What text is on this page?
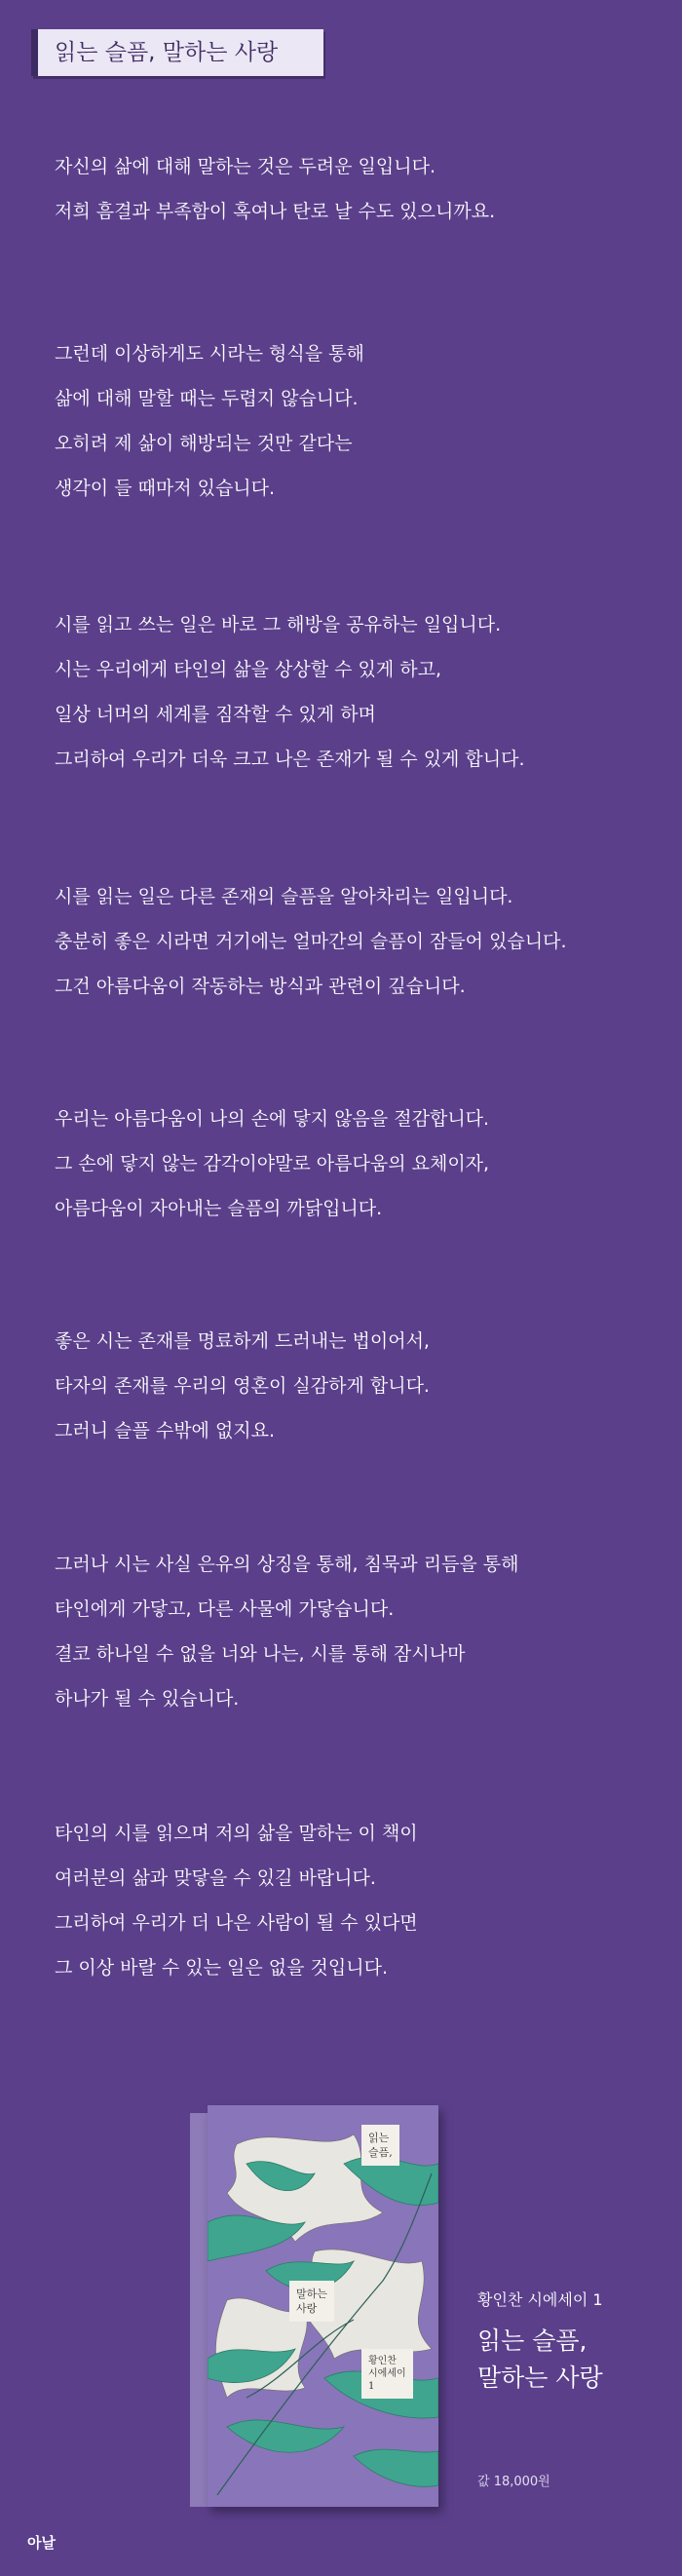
읽는 슬픔, 말하는 사랑
자신의 삶에 대해 말하는 것은 두려운 일입니다.
저희 흠결과 부족함이 혹여나 탄로 날 수도 있으니까요.
그런데 이상하게도 시라는 형식을 통해
삶에 대해 말할 때는 두렵지 않습니다.
오히려 제 삶이 해방되는 것만 같다는
생각이 들 때마저 있습니다.
시를 읽고 쓰는 일은 바로 그 해방을 공유하는 일입니다.
시는 우리에게 타인의 삶을 상상할 수 있게 하고,
일상 너머의 세계를 짐작할 수 있게 하며
그리하여 우리가 더욱 크고 나은 존재가 될 수 있게 합니다.
시를 읽는 일은 다른 존재의 슬픔을 알아차리는 일입니다.
충분히 좋은 시라면 거기에는 얼마간의 슬픔이 잠들어 있습니다.
그건 아름다움이 작동하는 방식과 관련이 깊습니다.
우리는 아름다움이 나의 손에 닿지 않음을 절감합니다.
그 손에 닿지 않는 감각이야말로 아름다움의 요체이자,
아름다움이 자아내는 슬픔의 까닭입니다.
좋은 시는 존재를 명료하게 드러내는 법이어서,
타자의 존재를 우리의 영혼이 실감하게 합니다.
그러니 슬플 수밖에 없지요.
그러나 시는 사실 은유의 상징을 통해, 침묵과 리듬을 통해
타인에게 가닿고, 다른 사물에 가닿습니다.
결코 하나일 수 없을 너와 나는, 시를 통해 잠시나마
하나가 될 수 있습니다.
타인의 시를 읽으며 저의 삶을 말하는 이 책이
여러분의 삶과 맞닿을 수 있길 바랍니다.
그리하여 우리가 더 나은 사람이 될 수 있다면
그 이상 바랄 수 있는 일은 없을 것입니다.
읽는
슬픔,
말하는
사랑
황인찬
시에세이
1
황인찬 시에세이 1
읽는 슬픔,
말하는 사랑
값 18,000원
아날
